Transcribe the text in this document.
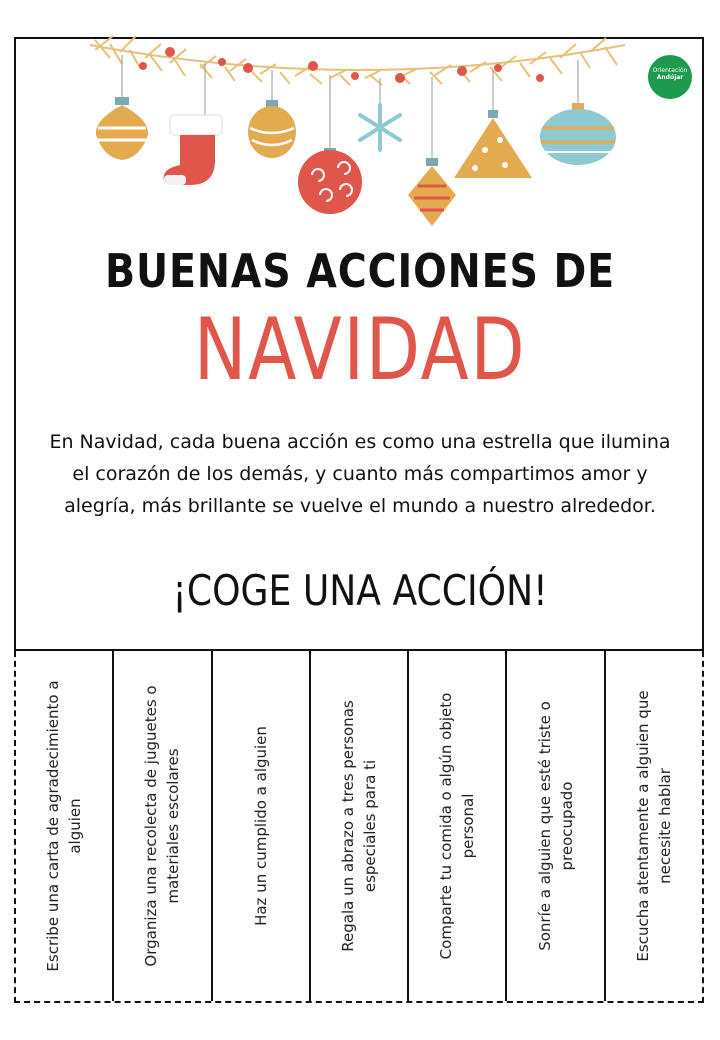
Orientación
Andújar
BUENAS ACCIONES DE
NAVIDAD
En Navidad, cada buena acción es como una estrella que ilumina el corazón de los demás, y cuanto más compartimos amor y alegría, más brillante se vuelve el mundo a nuestro alrededor.
¡COGE UNA ACCIÓN!
Escribe una carta de agradecimiento a alguien	Organiza una recolecta de juguetes o materiales escolares	Haz un cumplido a alguien	Regala un abrazo a tres personas especiales para ti	Comparte tu comida o algún objeto personal	Sonríe a alguien que esté triste o preocupado	Escucha atentamente a alguien que necesite hablar
